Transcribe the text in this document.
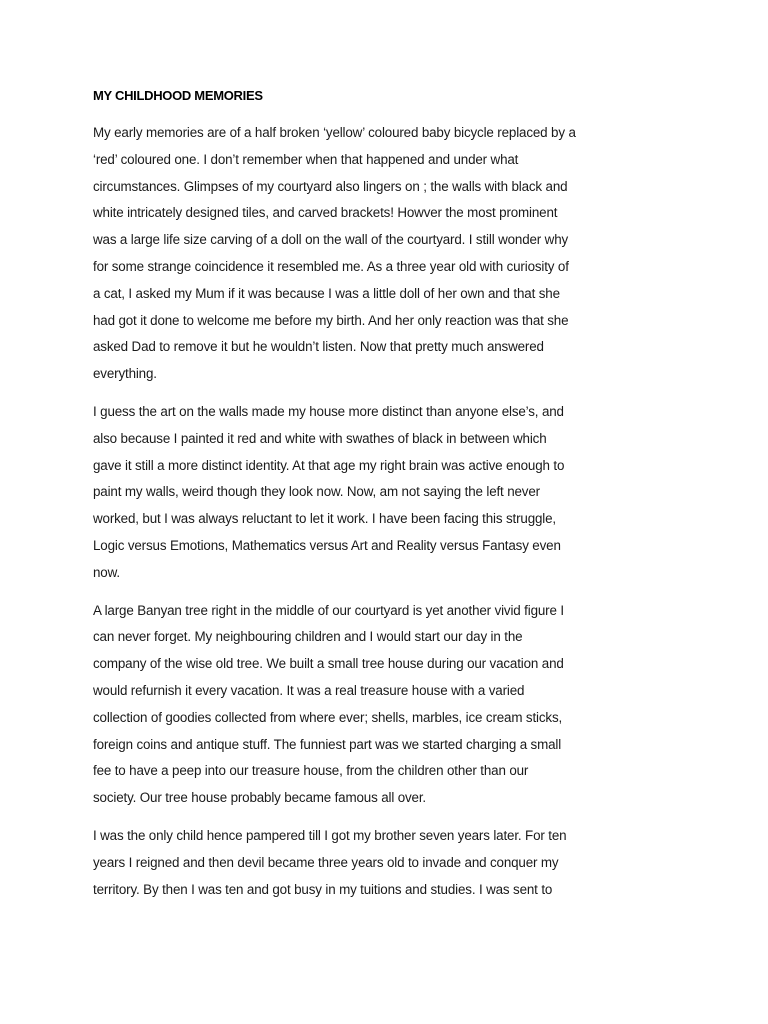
MY CHILDHOOD MEMORIES

My early memories are of a half broken ‘yellow’ coloured baby bicycle replaced by a
‘red’ coloured one. I don’t remember when that happened and under what
circumstances. Glimpses of my courtyard also lingers on ; the walls with black and
white intricately designed tiles, and carved brackets! Howver the most prominent
was a large life size carving of a doll on the wall of the courtyard. I still wonder why
for some strange coincidence it resembled me. As a three year old with curiosity of
a cat, I asked my Mum if it was because I was a little doll of her own and that she
had got it done to welcome me before my birth. And her only reaction was that she
asked Dad to remove it but he wouldn’t listen. Now that pretty much answered
everything.

I guess the art on the walls made my house more distinct than anyone else’s, and
also because I painted it red and white with swathes of black in between which
gave it still a more distinct identity. At that age my right brain was active enough to
paint my walls, weird though they look now. Now, am not saying the left never
worked, but I was always reluctant to let it work. I have been facing this struggle,
Logic versus Emotions, Mathematics versus Art and Reality versus Fantasy even
now.

A large Banyan tree right in the middle of our courtyard is yet another vivid figure I
can never forget. My neighbouring children and I would start our day in the
company of the wise old tree. We built a small tree house during our vacation and
would refurnish it every vacation. It was a real treasure house with a varied
collection of goodies collected from where ever; shells, marbles, ice cream sticks,
foreign coins and antique stuff. The funniest part was we started charging a small
fee to have a peep into our treasure house, from the children other than our
society. Our tree house probably became famous all over.

I was the only child hence pampered till I got my brother seven years later. For ten
years I reigned and then devil became three years old to invade and conquer my
territory. By then I was ten and got busy in my tuitions and studies. I was sent to
